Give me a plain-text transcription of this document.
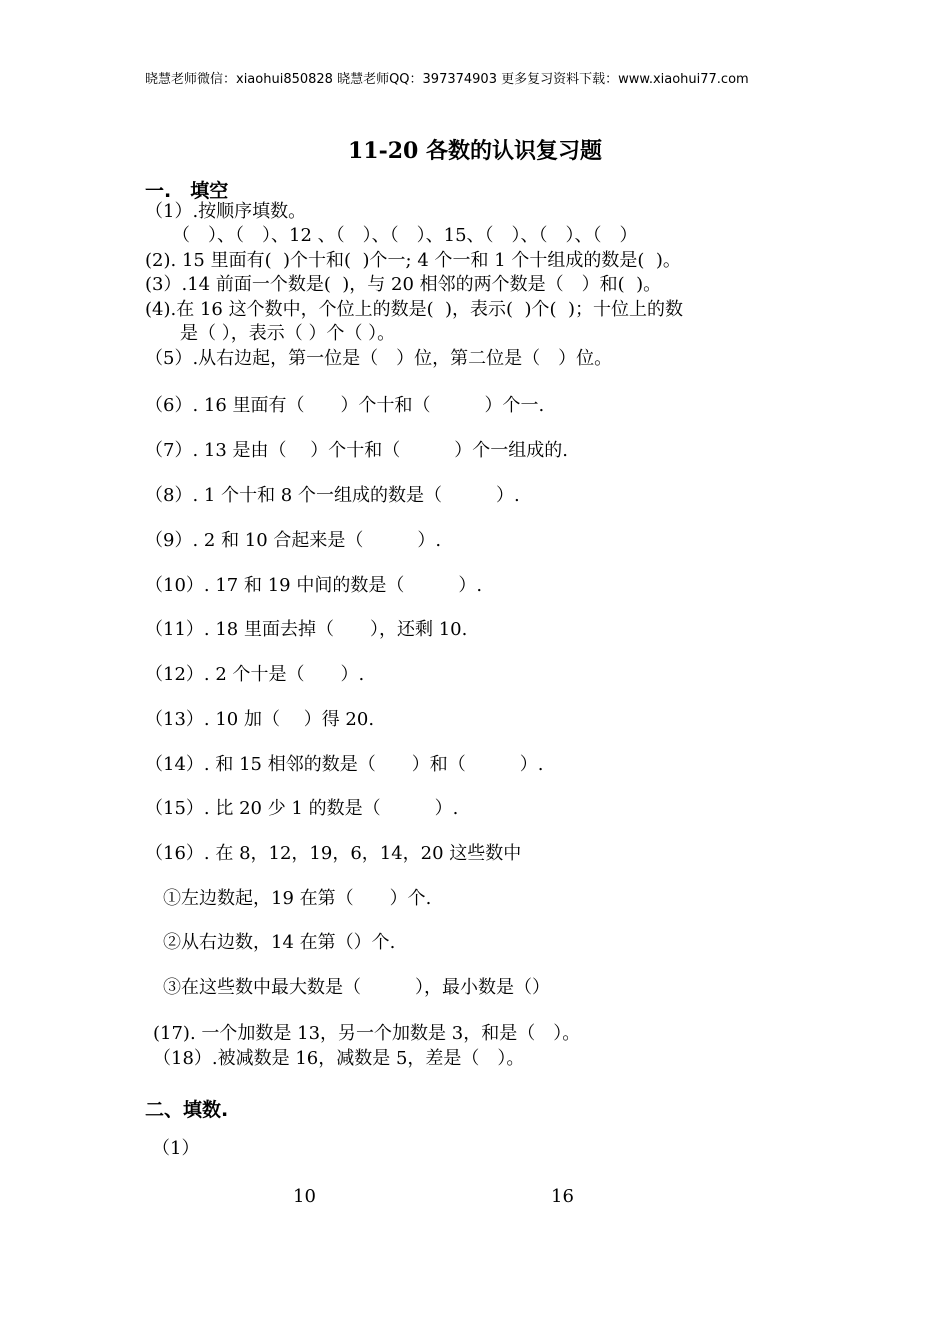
晓慧老师微信：xiaohui850828 晓慧老师QQ：397374903 更多复习资料下载：www.xiaohui77.com
11-20 各数的认识复习题
一.　填空
（1）.按顺序填数。
（　）、（　）、12 、（　）、（　）、15、（　）、（　）、（　）
(2). 15 里面有(  )个十和(  )个一; 4 个一和 1 个十组成的数是(  )。
(3）.14 前面一个数是(  )，与 20 相邻的两个数是（　）和(  )。
(4).在 16 这个数中，个位上的数是(  )，表示(  )个(  )；十位上的数
是（ ），表示（ ）个（ ）。
（5）.从右边起，第一位是（　）位，第二位是（　）位。
（6）. 16 里面有（　　）个十和（　　　）个一.
（7）. 13 是由（　 ）个十和（　　　）个一组成的.
（8）. 1 个十和 8 个一组成的数是（　　　）.
（9）. 2 和 10 合起来是（　　　）.
（10）. 17 和 19 中间的数是（　　　）.
（11）. 18 里面去掉（　　），还剩 10.
（12）. 2 个十是（　　）.
（13）. 10 加（　 ）得 20.
（14）. 和 15 相邻的数是（　　）和（　　　）.
（15）. 比 20 少 1 的数是（　　　）.
（16）. 在 8，12，19，6，14，20 这些数中
①左边数起，19 在第（　　）个.
②从右边数，14 在第（）个.
③在这些数中最大数是（　　　），最小数是（）
(17). 一个加数是 13，另一个加数是 3，和是（　）。
（18）.被减数是 16，减数是 5，差是（　）。
二、填数.
（1）
10	16
